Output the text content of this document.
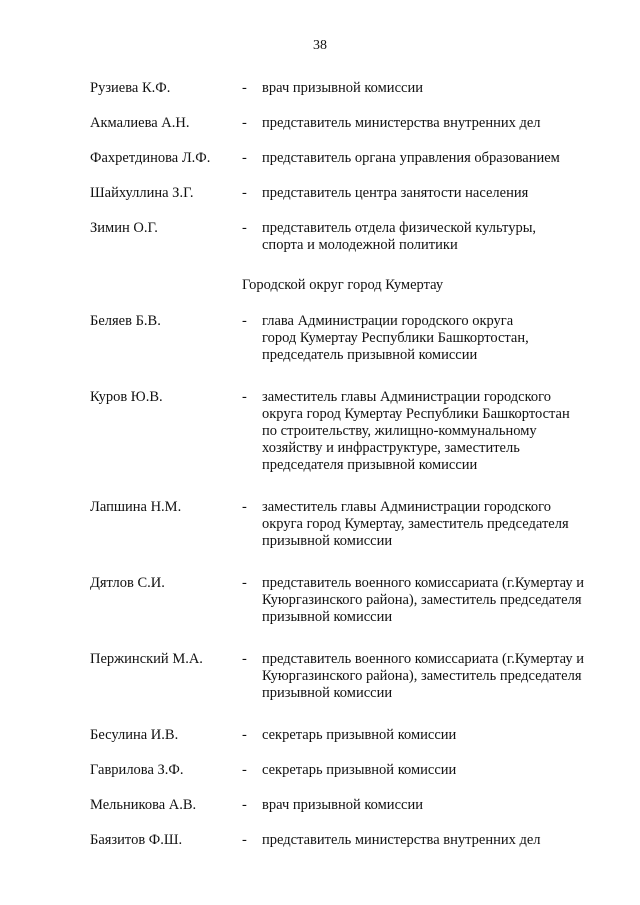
38
Рузиева К.Ф.	- врач призывной комиссии
Акмалиева А.Н.	- представитель министерства внутренних дел
Фахретдинова Л.Ф. - представитель органа управления образованием
Шайхуллина З.Г.	- представитель центра занятости населения
Зимин О.Г.	- представитель отдела физической культуры,
спорта и молодежной политики
Городской округ город Кумертау
Беляев Б.В.	- глава Администрации городского округа
город Кумертау Республики Башкортостан,
председатель призывной комиссии
Куров Ю.В.	- заместитель главы Администрации городского
округа город Кумертау Республики Башкортостан
по строительству, жилищно-коммунальному
хозяйству и инфраструктуре, заместитель
председателя призывной комиссии
Лапшина Н.М.	- заместитель главы Администрации городского
округа город Кумертау, заместитель председателя
призывной комиссии
Дятлов С.И.	- представитель военного комиссариата (г.Кумертау и
Куюргазинского района), заместитель председателя
призывной комиссии
Пержинский М.А.	- представитель военного комиссариата (г.Кумертау и
Куюргазинского района), заместитель председателя
призывной комиссии
Бесулина И.В.	- секретарь призывной комиссии
Гаврилова З.Ф.	- секретарь призывной комиссии
Мельникова А.В.	- врач призывной комиссии
Баязитов Ф.Ш.	- представитель министерства внутренних дел
